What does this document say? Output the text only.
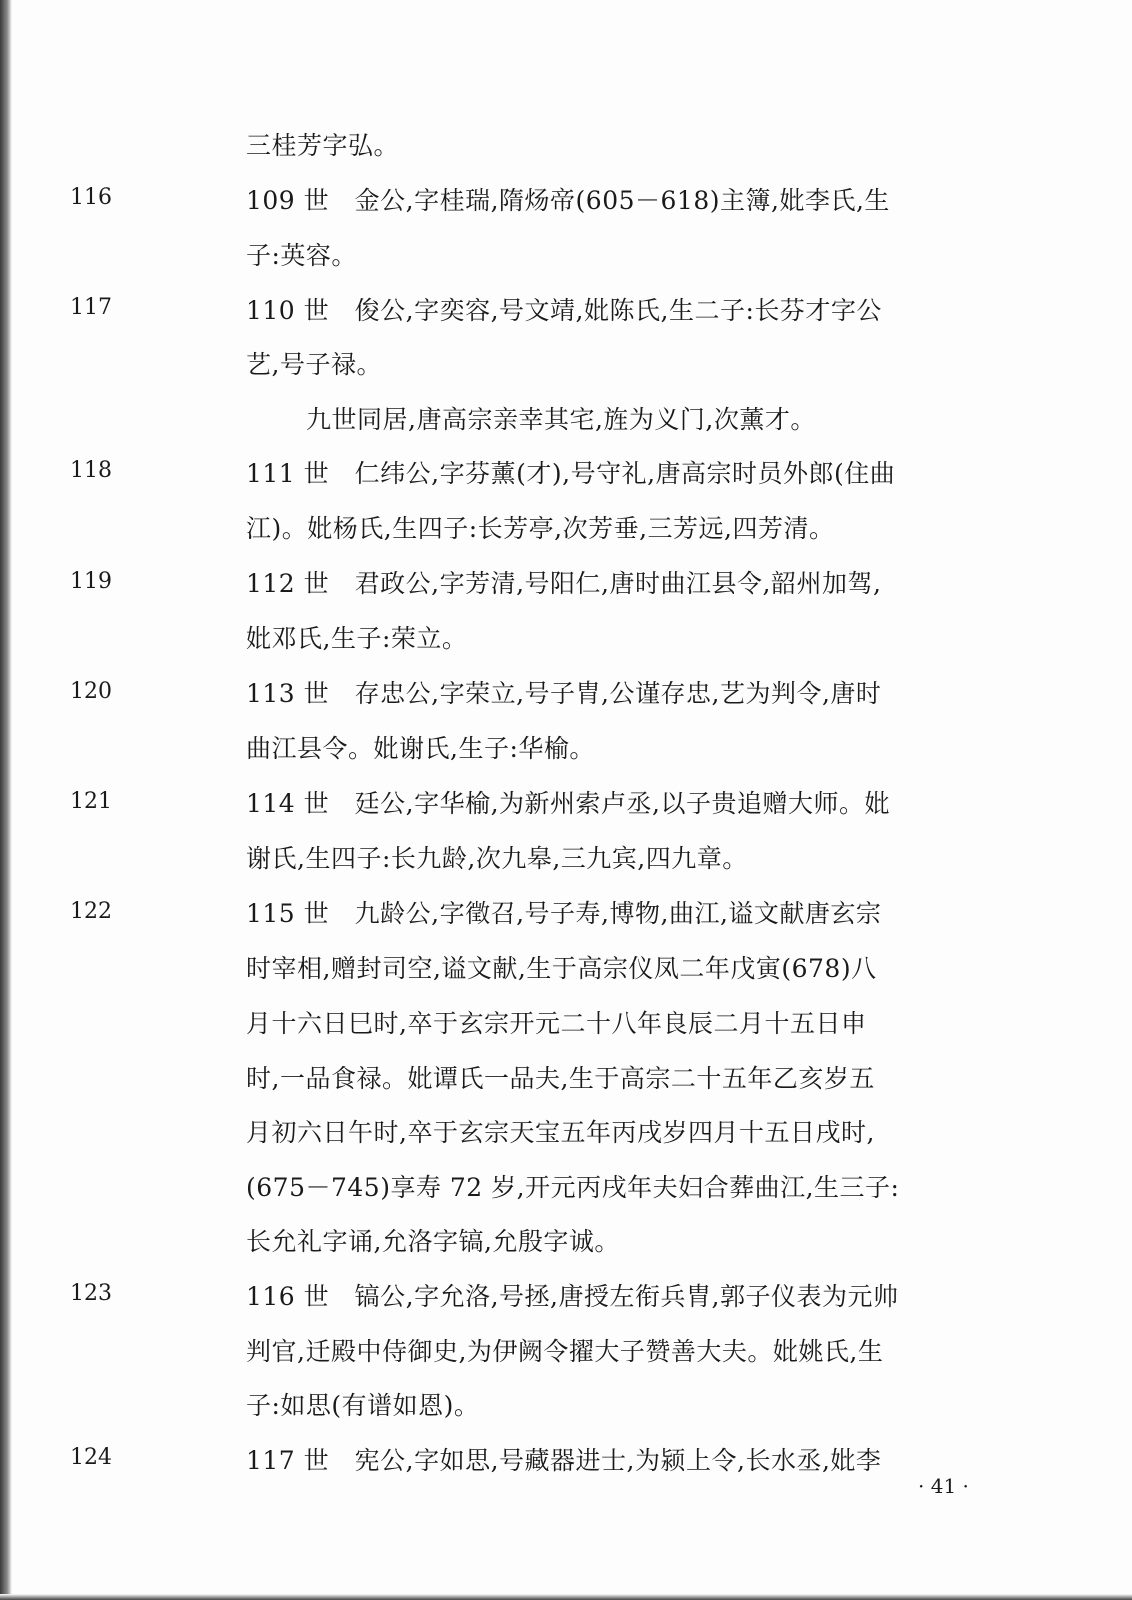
116
117
118
119
120
121
122
123
124
三桂芳字弘。
109 世　金公,字桂瑞,隋炀帝(605－618)主簿,妣李氏,生
子:英容。
110 世　俊公,字奕容,号文靖,妣陈氏,生二子:长芬才字公
艺,号子禄。
九世同居,唐高宗亲幸其宅,旌为义门,次薰才。
111 世　仁纬公,字芬薰(才),号守礼,唐高宗时员外郎(住曲
江)。妣杨氏,生四子:长芳亭,次芳垂,三芳远,四芳清。
112 世　君政公,字芳清,号阳仁,唐时曲江县令,韶州加驾,
妣邓氏,生子:荣立。
113 世　存忠公,字荣立,号子胄,公谨存忠,艺为判令,唐时
曲江县令。妣谢氏,生子:华榆。
114 世　廷公,字华榆,为新州索卢丞,以子贵追赠大师。妣
谢氏,生四子:长九龄,次九皋,三九宾,四九章。
115 世　九龄公,字徵召,号子寿,博物,曲江,谥文献唐玄宗
时宰相,赠封司空,谥文献,生于高宗仪凤二年戊寅(678)八
月十六日巳时,卒于玄宗开元二十八年良辰二月十五日申
时,一品食禄。妣谭氏一品夫,生于高宗二十五年乙亥岁五
月初六日午时,卒于玄宗天宝五年丙戌岁四月十五日戌时,
(675－745)享寿 72 岁,开元丙戌年夫妇合葬曲江,生三子:
长允礼字诵,允洛字镐,允殷字诚。
116 世　镐公,字允洛,号拯,唐授左衔兵胄,郭子仪表为元帅
判官,迁殿中侍御史,为伊阙令擢大子赞善大夫。妣姚氏,生
子:如思(有谱如恩)。
117 世　宪公,字如思,号藏器进士,为颍上令,长水丞,妣李
· 41 ·
